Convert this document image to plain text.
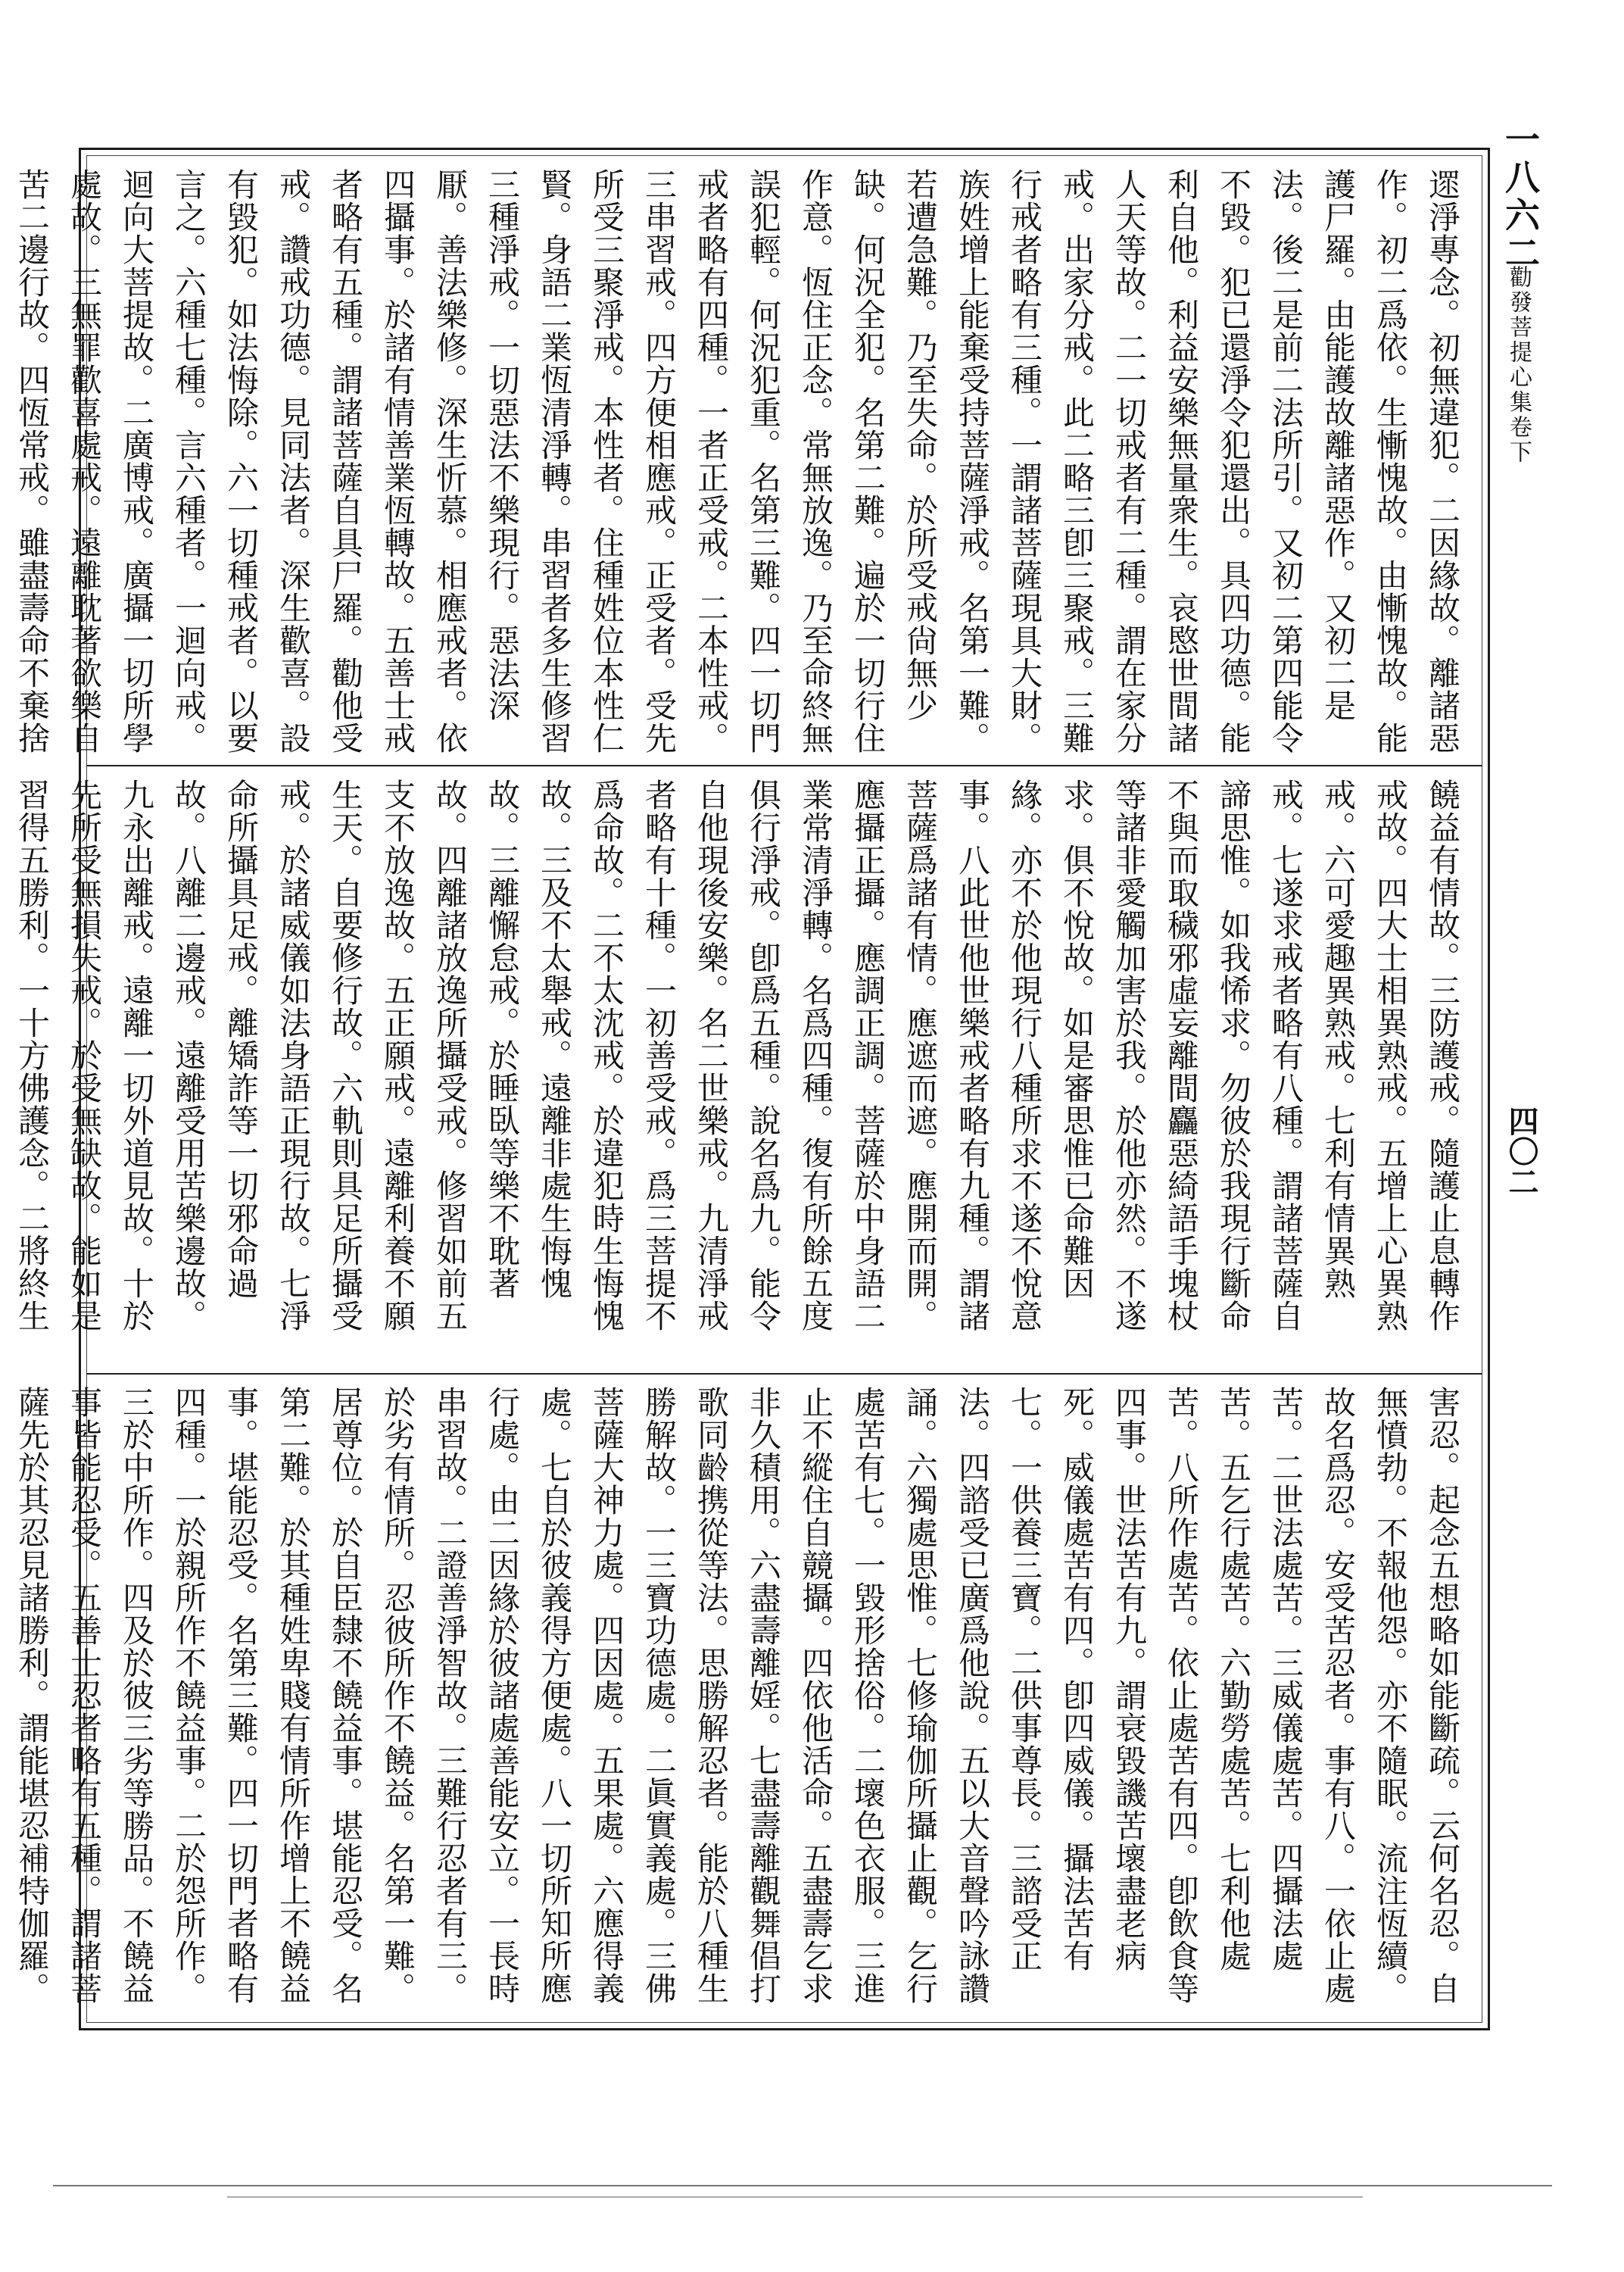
一八六二
勸發菩提心集卷下
四〇二
遝淨專念。初無違犯。二因緣故。離諸惡作。初二爲依。生慚愧故。由慚愧故。能護尸羅。由能護故離諸惡作。又初二是法。後二是前二法所引。又初二第四能令不毀。犯已還淨令犯還出。具四功德。能利自他。利益安樂無量衆生。哀愍世間諸人天等故。二一切戒者有二種。謂在家分戒。出家分戒。此二略三卽三聚戒。三難行戒者略有三種。一謂諸菩薩現具大財。族姓增上能棄受持菩薩淨戒。名第一難。若遭急難。乃至失命。於所受戒尙無少缺。何況全犯。名第二難。遍於一切行住作意。恆住正念。常無放逸。乃至命終無誤犯輕。何況犯重。名第三難。四一切門戒者略有四種。一者正受戒。二本性戒。三串習戒。四方便相應戒。正受者。受先所受三聚淨戒。本性者。住種姓位本性仁賢。身語二業恆清淨轉。串習者多生修習三種淨戒。一切惡法不樂現行。惡法深厭。善法樂修。深生忻慕。相應戒者。依四攝事。於諸有情善業恆轉故。五善士戒者略有五種。謂諸菩薩自具尸羅。勸他受戒。讚戒功德。見同法者。深生歡喜。設有毀犯。如法悔除。六一切種戒者。以要言之。六種七種。言六種者。一迴向戒。迴向大菩提故。二廣博戒。廣攝一切所學處故。三無罪歡喜處戒。遠離耽著欲樂自苦二邊行故。四恆常戒。雖盡壽命不棄捨
饒益有情故。三防護戒。隨護止息轉作戒故。四大士相異熟戒。五增上心異熟戒。六可愛趣異熟戒。七利有情異熟戒。七遂求戒者略有八種。謂諸菩薩自諦思惟。如我悕求。勿彼於我現行斷命不與而取穢邪虛妄離間麤惡綺語手塊杖等諸非愛觸加害於我。於他亦然。不遂求。俱不悅故。如是審思惟已命難因緣。亦不於他現行八種所求不遂不悅意事。八此世他世樂戒者略有九種。謂諸菩薩爲諸有情。應遮而遮。應開而開。應攝正攝。應調正調。菩薩於中身語二業常清淨轉。名爲四種。復有所餘五度俱行淨戒。卽爲五種。說名爲九。能令自他現後安樂。名二世樂戒。九清淨戒者略有十種。一初善受戒。爲三菩提不爲命故。二不太沈戒。於違犯時生悔愧故。三及不太舉戒。遠離非處生悔愧故。三離懈怠戒。於睡臥等樂不耽著故。四離諸放逸所攝受戒。修習如前五支不放逸故。五正願戒。遠離利養不願生天。自要修行故。六軌則具足所攝受戒。於諸威儀如法身語正現行故。七淨命所攝具足戒。離矯詐等一切邪命過故。八離二邊戒。遠離受用苦樂邊故。九永出離戒。遠離一切外道見故。十於先所受無損失戒。於受無缺故。能如是習得五勝利。一十方佛護念。二將終生
害忍。起念五想略如能斷疏。云何名忍。自無憤勃。不報他怨。亦不隨眠。流注恆續。故名爲忍。安受苦忍者。事有八。一依止處苦。二世法處苦。三威儀處苦。四攝法處苦。五乞行處苦。六勤勞處苦。七利他處苦。八所作處苦。依止處苦有四。卽飲食等四事。世法苦有九。謂衰毀譏苦壞盡老病死。威儀處苦有四。卽四威儀。攝法苦有七。一供養三寶。二供事尊長。三諮受正法。四諮受已廣爲他說。五以大音聲吟詠讚誦。六獨處思惟。七修瑜伽所攝止觀。乞行處苦有七。一毀形捨俗。二壞色衣服。三進止不縱住自竸攝。四依他活命。五盡壽乞求非久積用。六盡壽離婬。七盡壽離觀舞倡打歌同齡携從等法。思勝解忍者。能於八種生勝解故。一三寶功德處。二眞實義處。三佛菩薩大神力處。四因處。五果處。六應得義處。七自於彼義得方便處。八一切所知所應行處。由二因緣於彼諸處善能安立。一長時串習故。二證善淨智故。三難行忍者有三。於劣有情所。忍彼所作不饒益。名第一難。居尊位。於自臣隸不饒益事。堪能忍受。名第二難。於其種姓卑賤有情所作增上不饒益事。堪能忍受。名第三難。四一切門者略有四種。一於親所作不饒益事。二於怨所作。三於中所作。四及於彼三劣等勝品。不饒益事皆能忍受。五善士忍者略有五種。謂諸菩薩先於其忍見諸勝利。謂能堪忍補特伽羅。
